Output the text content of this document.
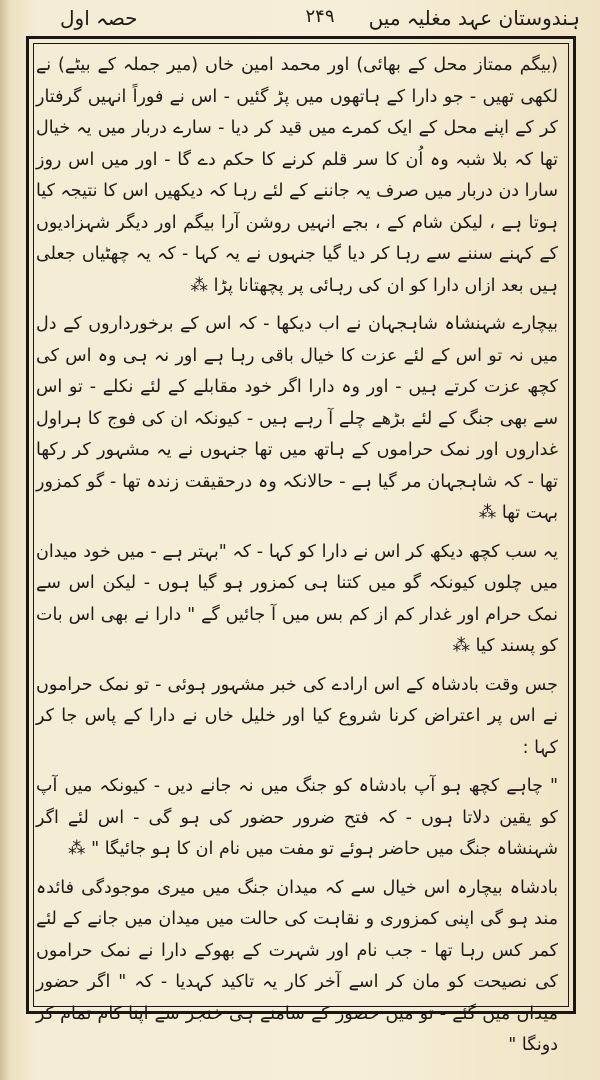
ہندوستان عہد مغلیہ میں
۲۴۹
حصہ اول

(بیگم ممتاز محل کے بھائی) اور محمد امین خاں (میر جملہ کے بیٹے) نے لکھی تھیں - جو دارا کے ہاتھوں میں پڑ گئیں - اس نے فوراً انہیں گرفتار کر کے اپنے محل کے ایک کمرے میں قید کر دیا - سارے دربار میں یہ خیال تھا کہ بلا شبہ وہ اُن کا سر قلم کرنے کا حکم دے گا - اور میں اس روز سارا دن دربار میں صرف یہ جاننے کے لئے رہا کہ دیکھیں اس کا نتیجہ کیا ہوتا ہے ، لیکن شام کے ، بجے انہیں روشن آرا بیگم اور دیگر شہزادیوں کے کہنے سننے سے رہا کر دیا گیا جنہوں نے یہ کہا - کہ یہ چھٹیاں جعلی ہیں بعد ازاں دارا کو ان کی رہائی پر پچھتانا پڑا ⁂

بیچارے شہنشاہ شاہجہان نے اب دیکھا - کہ اس کے برخورداروں کے دل میں نہ تو اس کے لئے عزت کا خیال باقی رہا ہے اور نہ ہی وہ اس کی کچھ عزت کرتے ہیں - اور وہ دارا اگر خود مقابلے کے لئے نکلے - تو اس سے بھی جنگ کے لئے بڑھے چلے آ رہے ہیں - کیونکہ ان کی فوج کا ہراول غداروں اور نمک حراموں کے ہاتھ میں تھا جنہوں نے یہ مشہور کر رکھا تھا - کہ شاہجہان مر گیا ہے - حالانکہ وہ درحقیقت زندہ تھا - گو کمزور بہت تھا ⁂

یہ سب کچھ دیکھ کر اس نے دارا کو کہا - کہ "بہتر ہے - میں خود میدان میں چلوں کیونکہ گو میں کتنا ہی کمزور ہو گیا ہوں - لیکن اس سے نمک حرام اور غدار کم از کم بس میں آ جائیں گے " دارا نے بھی اس بات کو پسند کیا ⁂

جس وقت بادشاہ کے اس ارادے کی خبر مشہور ہوئی - تو نمک حراموں نے اس پر اعتراض کرنا شروع کیا اور خلیل خاں نے دارا کے پاس جا کر کہا :

" چاہے کچھ ہو آپ بادشاہ کو جنگ میں نہ جانے دیں - کیونکہ میں آپ کو یقین دلاتا ہوں - کہ فتح ضرور حضور کی ہو گی - اس لئے اگر شہنشاہ جنگ میں حاضر ہوئے تو مفت میں نام ان کا ہو جائیگا " ⁂

بادشاہ بیچارہ اس خیال سے کہ میدان جنگ میں میری موجودگی فائدہ مند ہو گی اپنی کمزوری و نقاہت کی حالت میں میدان میں جانے کے لئے کمر کس رہا تھا - جب نام اور شہرت کے بھوکے دارا نے نمک حراموں کی نصیحت کو مان کر اسے آخر کار یہ تاکید کہدیا - کہ " اگر حضور میدان میں گئے - تو میں حضور کے سامنے ہی خنجر سے اپنا کام تمام کر دونگا "
